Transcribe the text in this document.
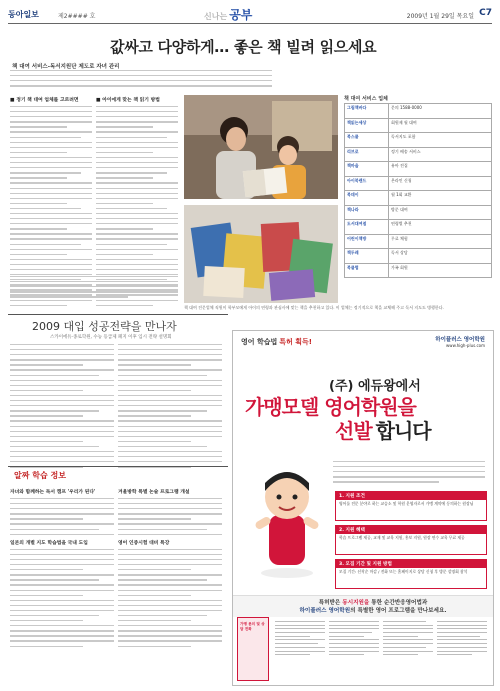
동아일보	제2#### 호	신나는 공부	2009년 1월 29일 목요일 C7
값싸고 다양하게… 좋은 책 빌려 읽으세요
책 대여 서비스-독서지원단 제도로 자녀 관리
■ 정기 책 대여 업체를 고르려면	■ 아이에게 맞는 책 읽기 방법	책 대여 서비스 업체
그림책바다	문의 1588-0000
책읽는세상	회원제 월 대여
북스쿨	독서지도 포함
리브로	정기 배송 서비스
책마을	유아 전집
아이북랜드	온라인 신청
북데이	월 1회 교환
책나라	방문 대여
도서대여점	연령별 추천
어린이책방	무료 체험
책두레	독서 상담
북클럽	가족 회원
책 대여 전문업체 직원이 학부모에게 아이의 연령과 관심사에 맞는 책을 추천하고 있다. 이 업체는 정기적으로 책을 교체해 주고 독서 지도도 병행한다.
2009 대입 성공전략을 만나자
스카이에듀·종로학원, 수능 등급제 폐지 이후 입시 전략 설명회
알짜 학습 정보
자녀와 함께하는 독서 캠프 '우리가 된다'
일본의 개별 지도 학습법을 국내 도입
겨울방학 특별 논술 프로그램 개설
영어 인증시험 대비 특강
영어 학습법 특허 획득!	하이플러스 영어학원
www.high-plus.com
(주) 에듀왕에서
가맹모델 영어학원을
선발 합니다
1. 지원 조건
영어를 전문 분야로 하는 교습소 및 학원 운영자로서 가맹 계약에 동의하는 원장님
2. 지원 혜택
학습 프로그램 제공, 교재 및 교육 지원, 홍보 지원, 원장 연수 교육 무료 제공
3. 모집 기간 및 지원 방법
모집 기간: 선착순 마감 / 전화 또는 홈페이지로 상담 신청 후 방문 설명회 참석
특허받은 동시지원을 통한 순간반응영어법과
하이플러스 영어학원의 특별한 영어 프로그램을 만나보세요.
가맹 문의 및 상담 전화
